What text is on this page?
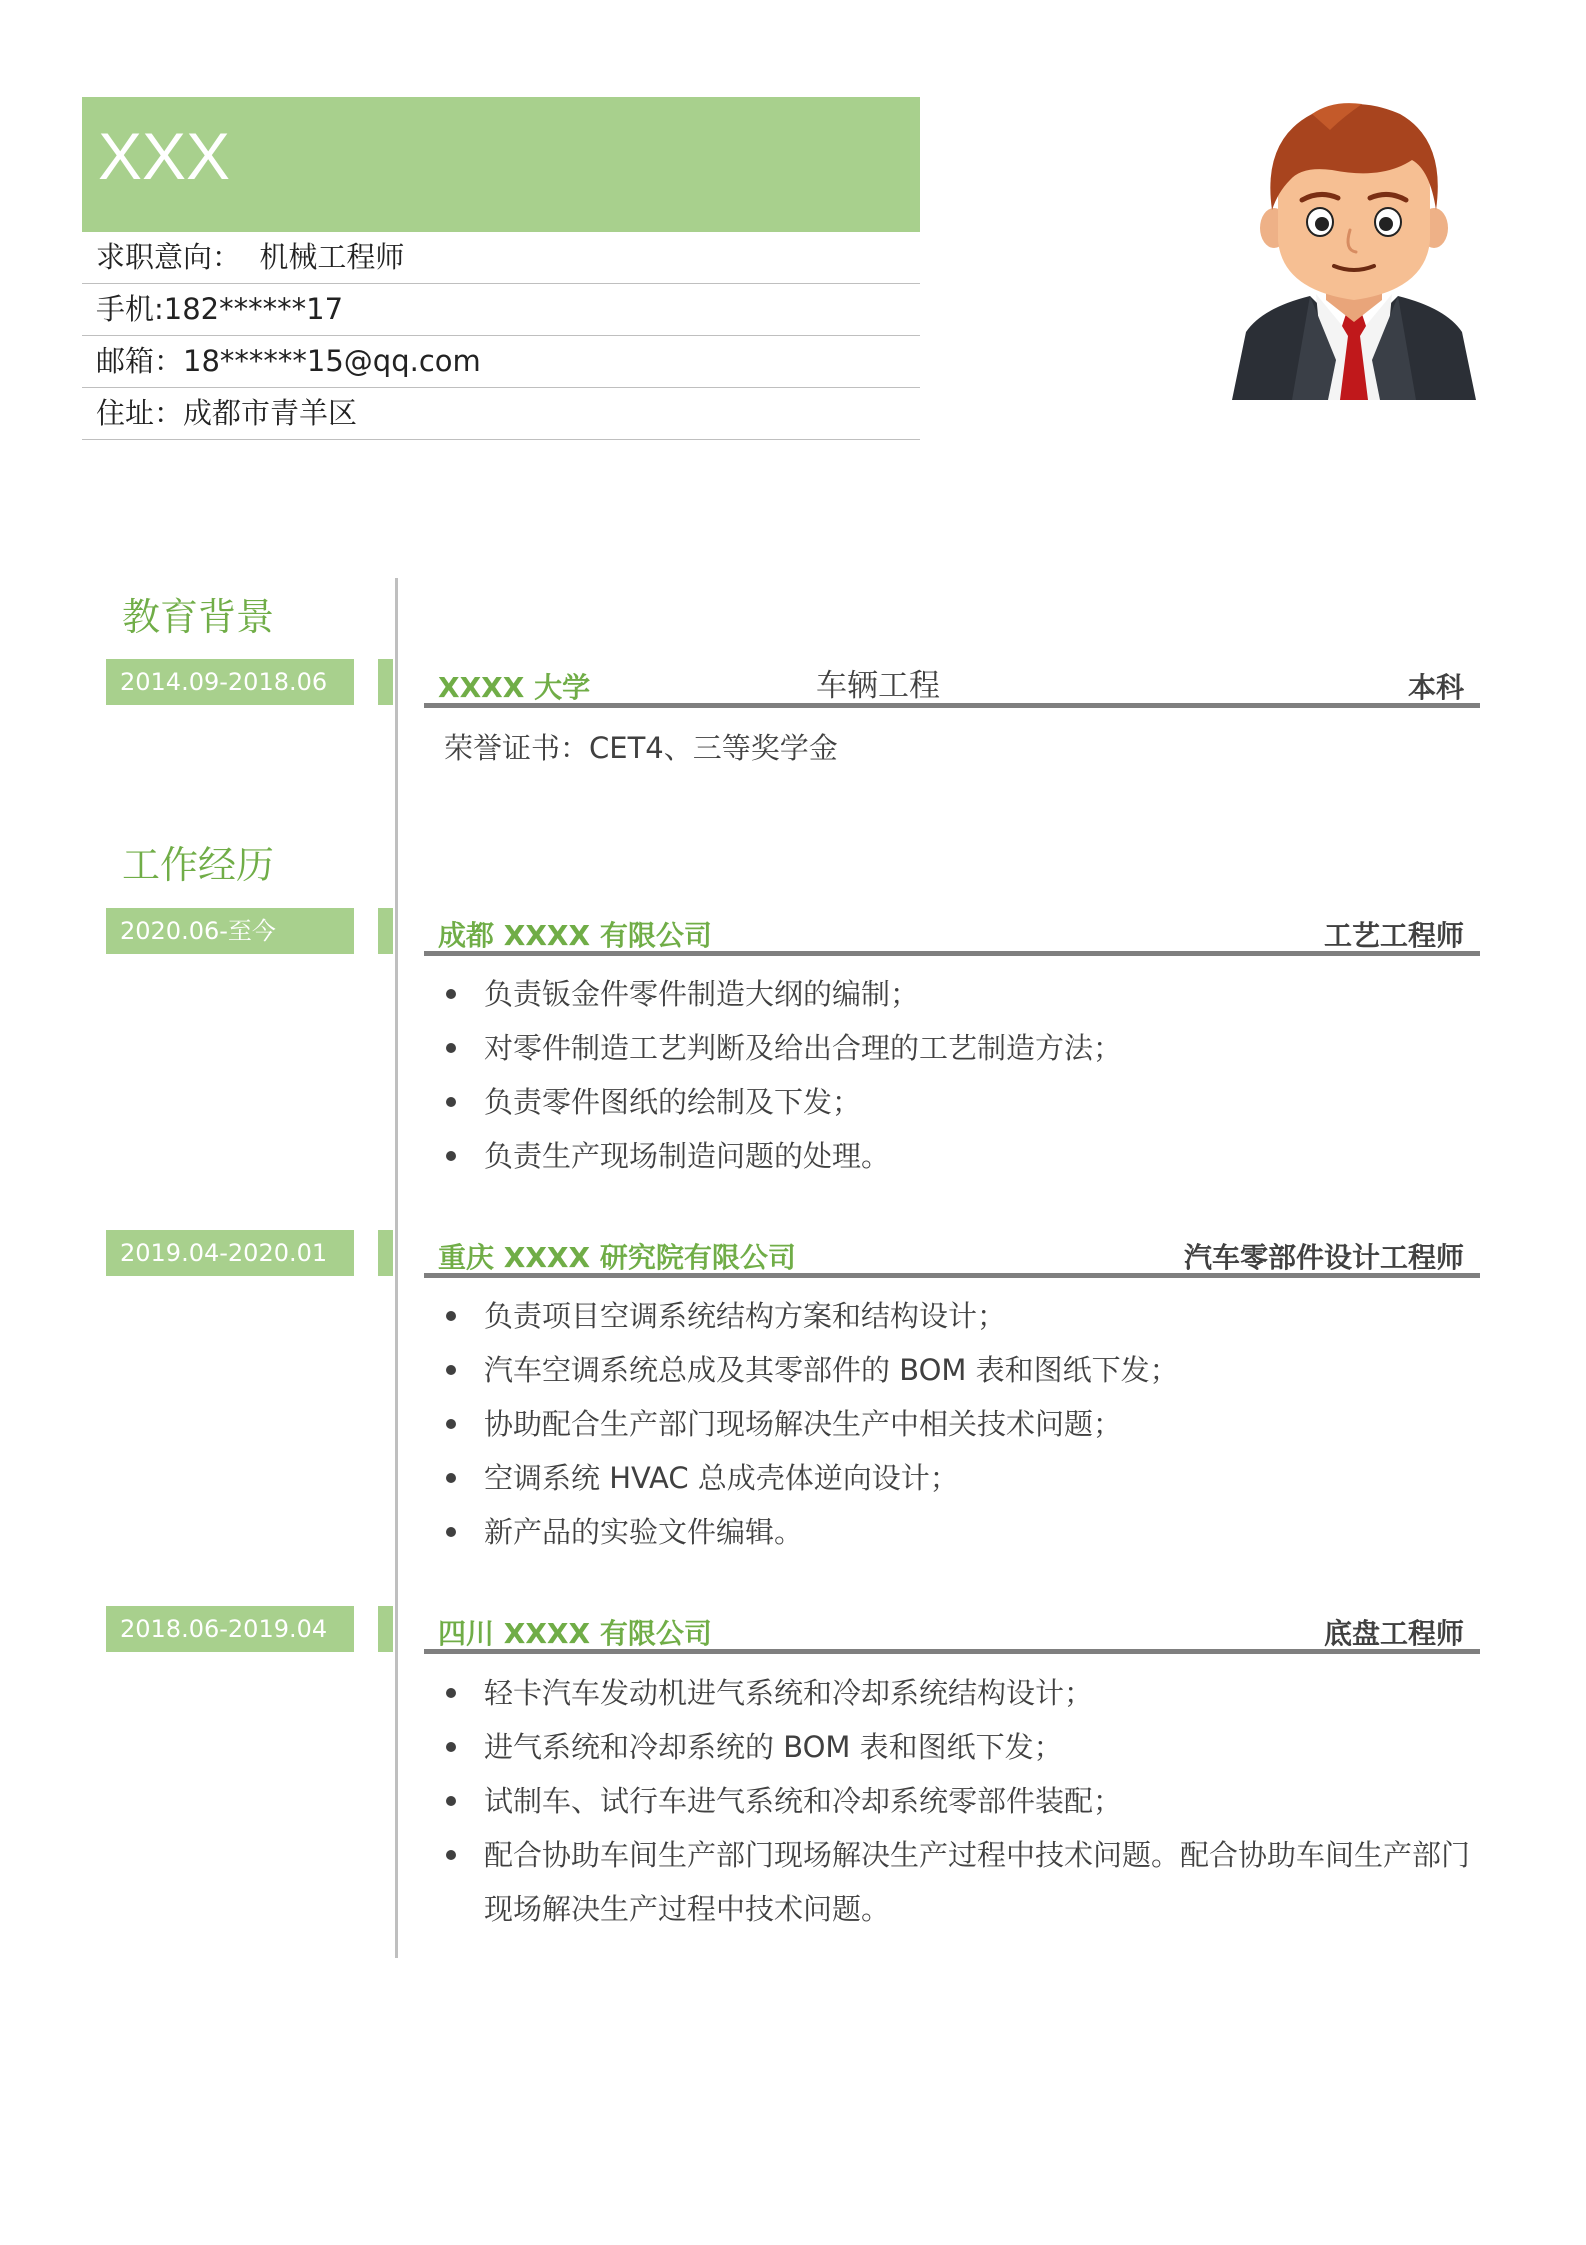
XXX
求职意向：  机械工程师
手机:182******17
邮箱：18******15@qq.com
住址：成都市青羊区
教育背景
2014.09-2018.06	XXXX 大学	车辆工程	本科
荣誉证书：CET4、三等奖学金
工作经历
2020.06-至今	成都 XXXX 有限公司	工艺工程师
负责钣金件零件制造大纲的编制；
对零件制造工艺判断及给出合理的工艺制造方法；
负责零件图纸的绘制及下发；
负责生产现场制造问题的处理。
2019.04-2020.01	重庆 XXXX 研究院有限公司	汽车零部件设计工程师
负责项目空调系统结构方案和结构设计；
汽车空调系统总成及其零部件的 BOM 表和图纸下发；
协助配合生产部门现场解决生产中相关技术问题；
空调系统 HVAC 总成壳体逆向设计；
新产品的实验文件编辑。
2018.06-2019.04	四川 XXXX 有限公司	底盘工程师
轻卡汽车发动机进气系统和冷却系统结构设计；
进气系统和冷却系统的 BOM 表和图纸下发；
试制车、试行车进气系统和冷却系统零部件装配；
配合协助车间生产部门现场解决生产过程中技术问题。配合协助车间生产部门现场解决生产过程中技术问题。
